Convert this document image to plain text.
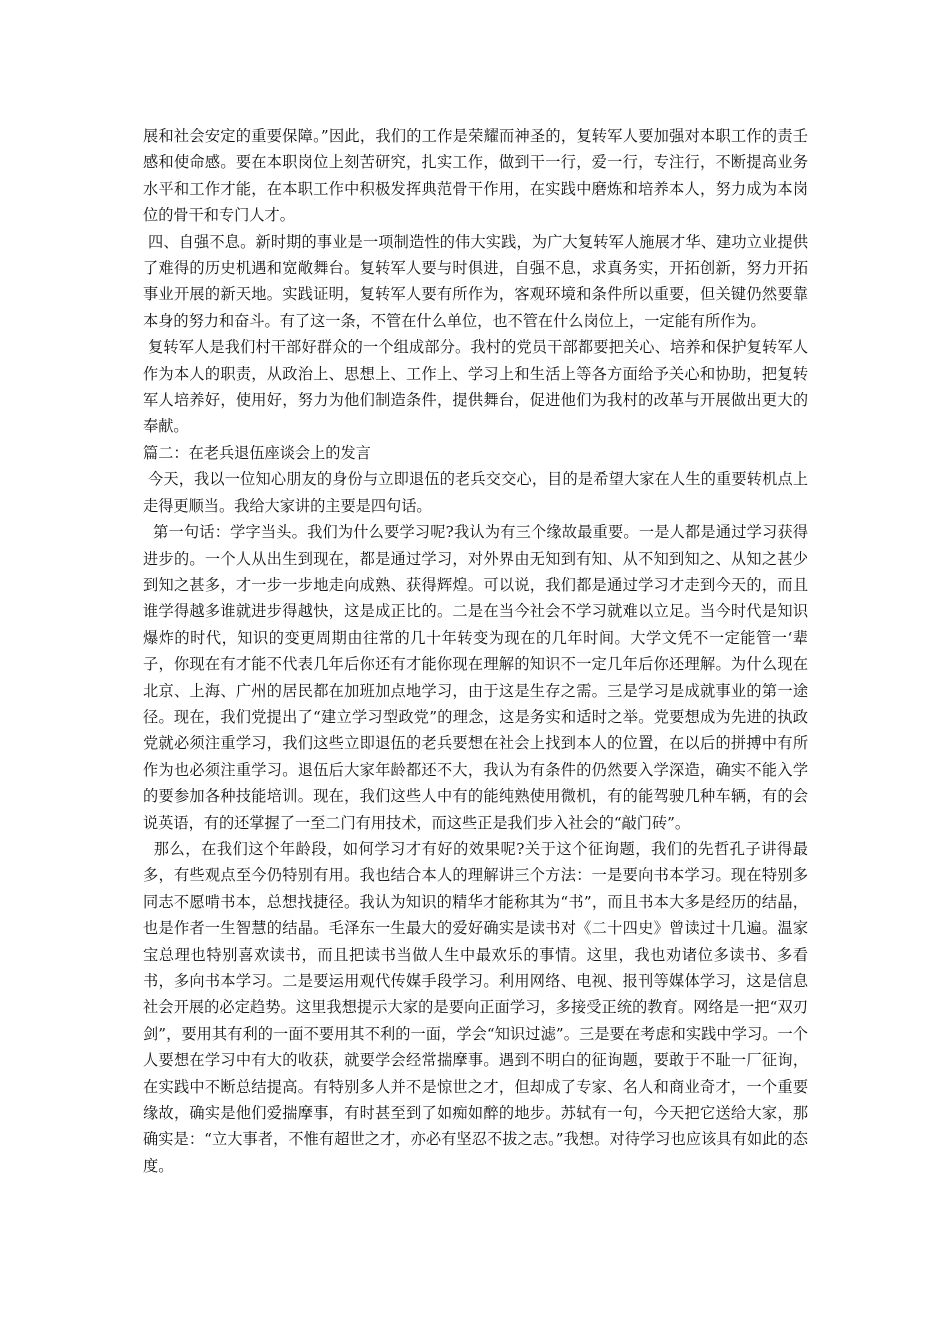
展和社会安定的重要保障。”因此，我们的工作是荣耀而神圣的，复转军人要加强对本职工作的责壬感和使命感。要在本职岗位上刻苦研究，扎实工作，做到干一行，爱一行，专注行，不断提高业务水平和工作才能，在本职工作中积极发挥典范骨干作用，在实践中磨炼和培养本人，努力成为本岗位的骨干和专门人才。

四、自强不息。新时期的事业是一项制造性的伟大实践，为广大复转军人施展才华、建功立业提供了难得的历史机遇和宽敞舞台。复转军人要与时俱进，自强不息，求真务实，开拓创新，努力开拓事业开展的新天地。实践证明，复转军人要有所作为，客观环境和条件所以重要，但关键仍然要靠本身的努力和奋斗。有了这一条，不管在什么单位，也不管在什么岗位上，一定能有所作为。

复转军人是我们村干部好群众的一个组成部分。我村的党员干部都要把关心、培养和保护复转军人作为本人的职责，从政治上、思想上、工作上、学习上和生活上等各方面给予关心和协助，把复转军人培养好，使用好，努力为他们制造条件，提供舞台，促进他们为我村的改革与开展做出更大的奉献。

篇二：在老兵退伍座谈会上的发言

今天，我以一位知心朋友的身份与立即退伍的老兵交交心，目的是希望大家在人生的重要转机点上走得更顺当。我给大家讲的主要是四句话。

第一句话：学字当头。我们为什么要学习呢?我认为有三个缘故最重要。一是人都是通过学习获得进步的。一个人从出生到现在，都是通过学习，对外界由无知到有知、从不知到知之、从知之甚少到知之甚多，才一步一步地走向成熟、获得辉煌。可以说，我们都是通过学习才走到今天的，而且谁学得越多谁就进步得越快，这是成正比的。二是在当今社会不学习就难以立足。当今时代是知识爆炸的时代，知识的变更周期由往常的几十年转变为现在的几年时间。大学文凭不一定能管一‘辈子，你现在有才能不代表几年后你还有才能你现在理解的知识不一定几年后你还理解。为什么现在北京、上海、广州的居民都在加班加点地学习，由于这是生存之需。三是学习是成就事业的第一途径。现在，我们党提出了“建立学习型政党”的理念，这是务实和适时之举。党要想成为先进的执政党就必须注重学习，我们这些立即退伍的老兵要想在社会上找到本人的位置，在以后的拼搏中有所作为也必须注重学习。退伍后大家年龄都还不大，我认为有条件的仍然要入学深造，确实不能入学的要参加各种技能培训。现在，我们这些人中有的能纯熟使用微机，有的能驾驶几种车辆，有的会说英语，有的还掌握了一至二门有用技术，而这些正是我们步入社会的“敲门砖”。

那么，在我们这个年龄段，如何学习才有好的效果呢?关于这个征询题，我们的先哲孔子讲得最多，有些观点至今仍特别有用。我也结合本人的理解讲三个方法：一是要向书本学习。现在特别多同志不愿啃书本，总想找捷径。我认为知识的精华才能称其为“书”，而且书本大多是经历的结晶，也是作者一生智慧的结晶。毛泽东一生最大的爱好确实是读书对《二十四史》曾读过十几遍。温家宝总理也特别喜欢读书，而且把读书当做人生中最欢乐的事情。这里，我也劝诸位多读书、多看书，多向书本学习。二是要运用观代传媒手段学习。利用网络、电视、报刊等媒体学习，这是信息社会开展的必定趋势。这里我想提示大家的是要向正面学习，多接受正统的教育。网络是一把“双刃剑”，要用其有利的一面不要用其不利的一面，学会“知识过滤”。三是要在考虑和实践中学习。一个人要想在学习中有大的收获，就要学会经常揣摩事。遇到不明白的征询题，要敢于不耻一厂征询，在实践中不断总结提高。有特别多人并不是惊世之才，但却成了专家、名人和商业奇才，一个重要缘故，确实是他们爱揣摩事，有时甚至到了如痴如醉的地步。苏轼有一句，今天把它送给大家，那确实是：“立大事者，不惟有超世之才，亦必有坚忍不拔之志。”我想。对待学习也应该具有如此的态度。
